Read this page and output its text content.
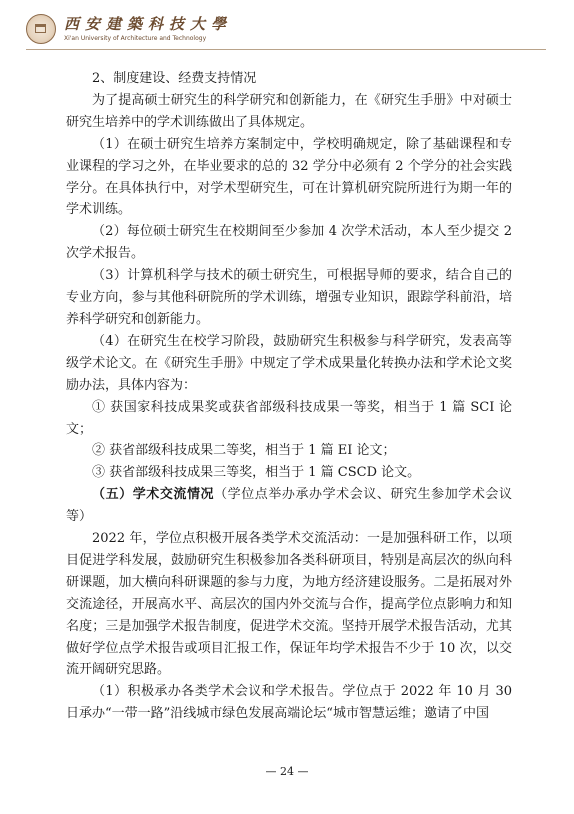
西安建築科技大學
Xi'an University of Architecture and Technology

2、制度建设、经费支持情况

为了提高硕士研究生的科学研究和创新能力，在《研究生手册》中对硕士研究生培养中的学术训练做出了具体规定。

（1）在硕士研究生培养方案制定中，学校明确规定，除了基础课程和专业课程的学习之外，在毕业要求的总的 32 学分中必须有 2 个学分的社会实践学分。在具体执行中，对学术型研究生，可在计算机研究院所进行为期一年的学术训练。

（2）每位硕士研究生在校期间至少参加 4 次学术活动，本人至少提交 2 次学术报告。

（3）计算机科学与技术的硕士研究生，可根据导师的要求，结合自己的专业方向，参与其他科研院所的学术训练，增强专业知识，跟踪学科前沿，培养科学研究和创新能力。

（4）在研究生在校学习阶段，鼓励研究生积极参与科学研究，发表高等级学术论文。在《研究生手册》中规定了学术成果量化转换办法和学术论文奖励办法，具体内容为：

① 获国家科技成果奖或获省部级科技成果一等奖，相当于 1 篇 SCI 论文；

② 获省部级科技成果二等奖，相当于 1 篇 EI 论文；

③ 获省部级科技成果三等奖，相当于 1 篇 CSCD 论文。

（五）学术交流情况（学位点举办承办学术会议、研究生参加学术会议等）

2022 年，学位点积极开展各类学术交流活动：一是加强科研工作，以项目促进学科发展，鼓励研究生积极参加各类科研项目，特别是高层次的纵向科研课题，加大横向科研课题的参与力度，为地方经济建设服务。二是拓展对外交流途径，开展高水平、高层次的国内外交流与合作，提高学位点影响力和知名度；三是加强学术报告制度，促进学术交流。坚持开展学术报告活动，尤其做好学位点学术报告或项目汇报工作，保证年均学术报告不少于 10 次，以交流开阔研究思路。

（1）积极承办各类学术会议和学术报告。学位点于 2022 年 10 月 30 日承办“一带一路”沿线城市绿色发展高端论坛“城市智慧运维；邀请了中国

— 24 —
